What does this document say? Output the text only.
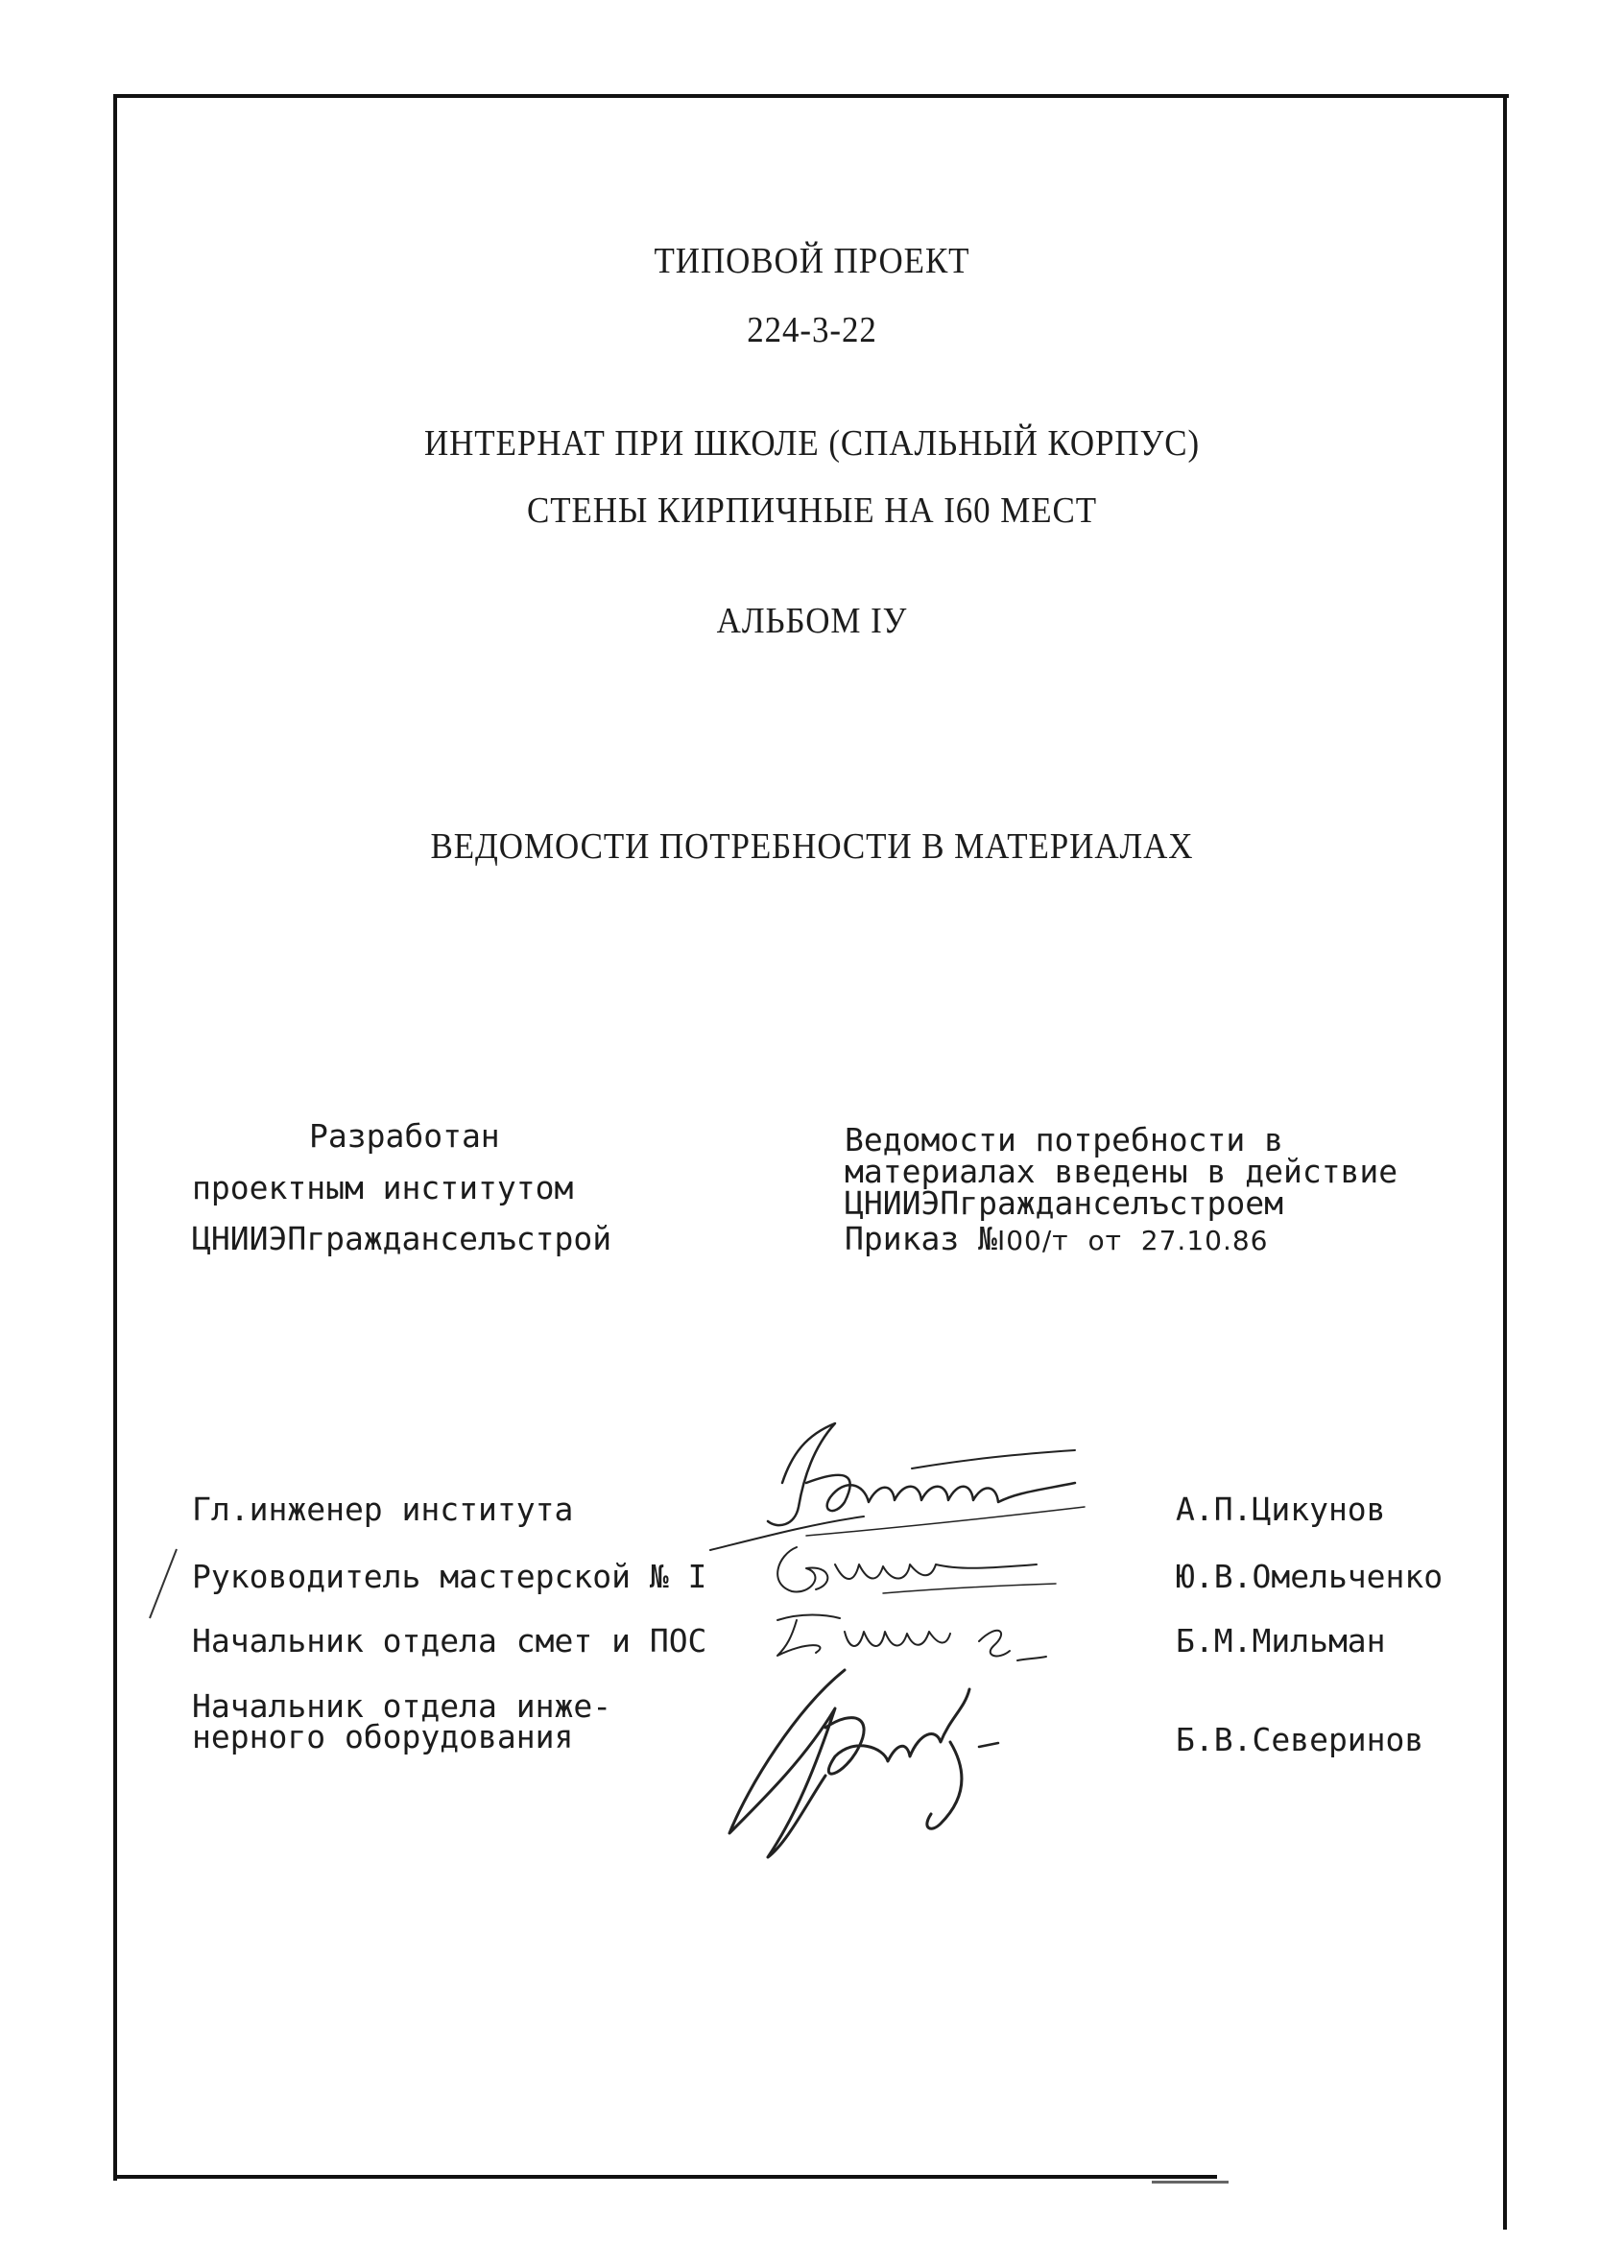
ТИПОВОЙ ПРОЕКТ
224-3-22
ИНТЕРНАТ ПРИ ШКОЛЕ (СПАЛЬНЫЙ КОРПУС)
СТЕНЫ КИРПИЧНЫЕ НА I60 МЕСТ
АЛЬБОМ IУ
ВЕДОМОСТИ ПОТРЕБНОСТИ В МАТЕРИАЛАХ
Разработан
проектным институтом
ЦНИИЭПгражданселъстрой
Ведомости потребности в
материалах введены в действие
ЦНИИЭПгражданселъстроем
Приказ №I00/т от 27.10.86
Гл.инженер института
Руководитель мастерской № I
Начальник отдела смет и ПОС
Начальник отдела инже-
нерного оборудования
А.П.Цикунов
Ю.В.Омельченко
Б.М.Мильман
Б.В.Северинов
